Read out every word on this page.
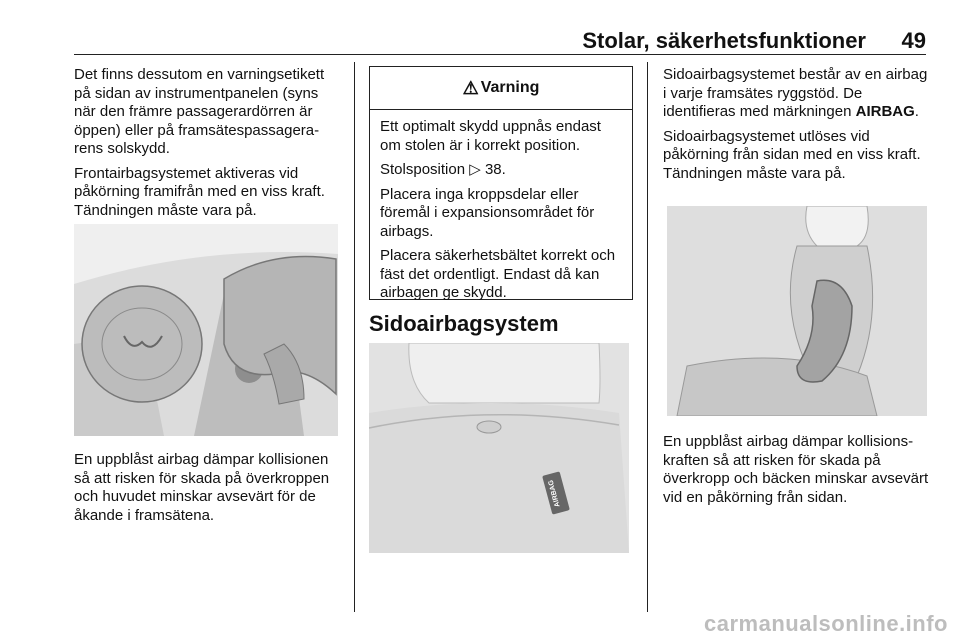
Stolar, säkerhetsfunktioner 49

Det finns dessutom en varningsetikett på sidan av instrumentpanelen (syns när den främre passagerardörren är öppen) eller på framsätespassagerarens solskydd.

Frontairbagsystemet aktiveras vid påkörning framifrån med en viss kraft. Tändningen måste vara på.

En uppblåst airbag dämpar kollisionen så att risken för skada på överkroppen och huvudet minskar avsevärt för de åkande i framsätena.

⚠ Varning

Ett optimalt skydd uppnås endast om stolen är i korrekt position.

Stolsposition ▷ 38.

Placera inga kroppsdelar eller föremål i expansionsområdet för airbags.

Placera säkerhetsbältet korrekt och fäst det ordentligt. Endast då kan airbagen ge skydd.

Sidoairbagsystem
AIRBAG

Sidoairbagsystemet består av en airbag i varje framsätes ryggstöd. De identifieras med märkningen AIRBAG.

Sidoairbagsystemet utlöses vid påkörning från sidan med en viss kraft. Tändningen måste vara på.

En uppblåst airbag dämpar kollisionskraften så att risken för skada på överkropp och bäcken minskar avsevärt vid en påkörning från sidan.

carmanualsonline.info
